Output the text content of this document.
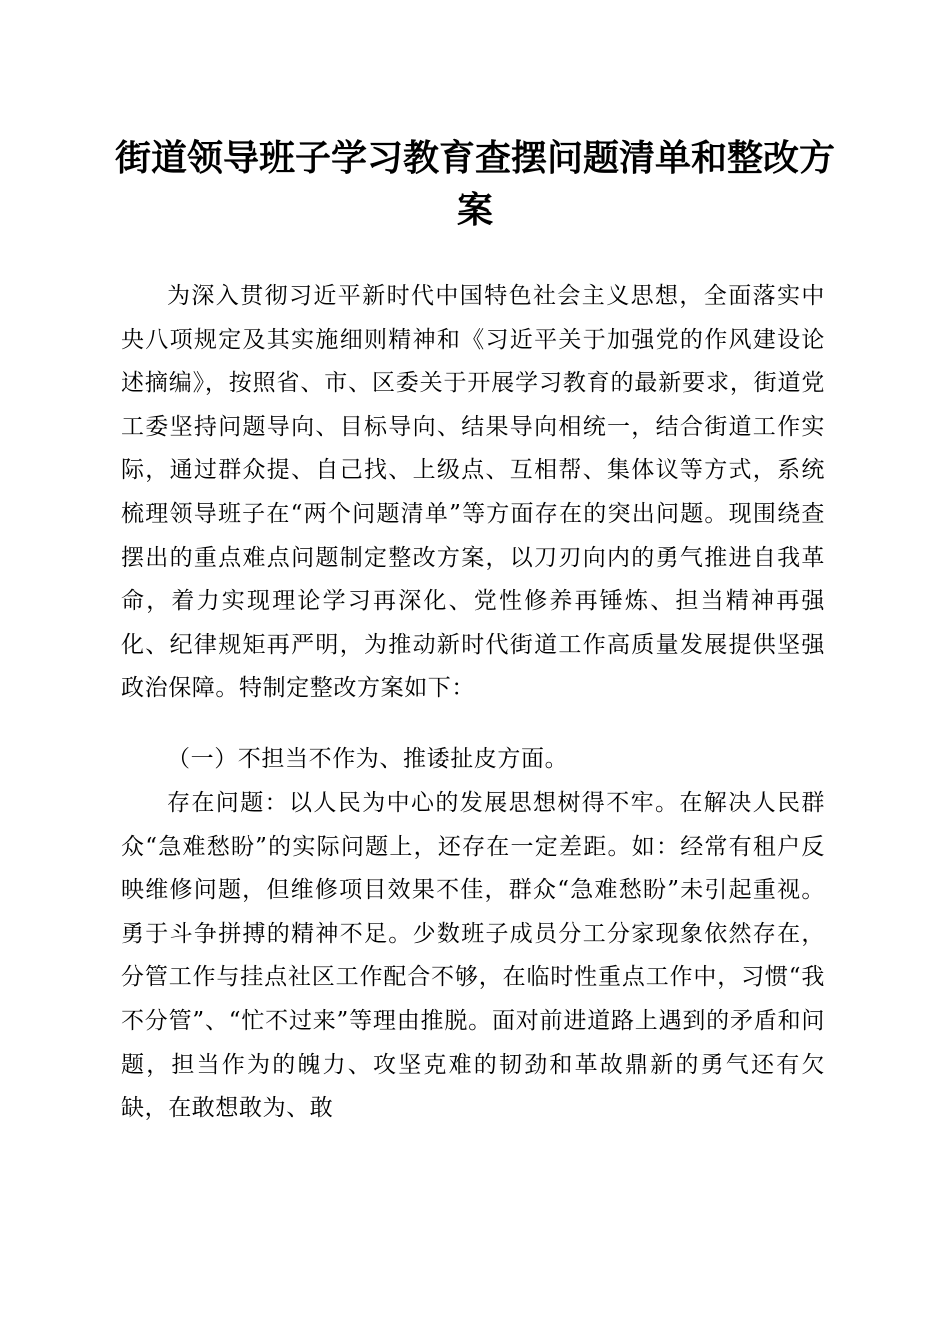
街道领导班子学习教育查摆问题清单和整改方案

为深入贯彻习近平新时代中国特色社会主义思想，全面落实中央八项规定及其实施细则精神和《习近平关于加强党的作风建设论述摘编》，按照省、市、区委关于开展学习教育的最新要求，街道党工委坚持问题导向、目标导向、结果导向相统一，结合街道工作实际，通过群众提、自己找、上级点、互相帮、集体议等方式，系统梳理领导班子在“两个问题清单”等方面存在的突出问题。现围绕查摆出的重点难点问题制定整改方案，以刀刃向内的勇气推进自我革命，着力实现理论学习再深化、党性修养再锤炼、担当精神再强化、纪律规矩再严明，为推动新时代街道工作高质量发展提供坚强政治保障。特制定整改方案如下：

（一）不担当不作为、推诿扯皮方面。

存在问题：以人民为中心的发展思想树得不牢。在解决人民群众“急难愁盼”的实际问题上，还存在一定差距。如：经常有租户反映维修问题，但维修项目效果不佳，群众“急难愁盼”未引起重视。勇于斗争拼搏的精神不足。少数班子成员分工分家现象依然存在，分管工作与挂点社区工作配合不够，在临时性重点工作中，习惯“我不分管”、“忙不过来”等理由推脱。面对前进道路上遇到的矛盾和问题，担当作为的魄力、攻坚克难的韧劲和革故鼎新的勇气还有欠缺，在敢想敢为、敢
